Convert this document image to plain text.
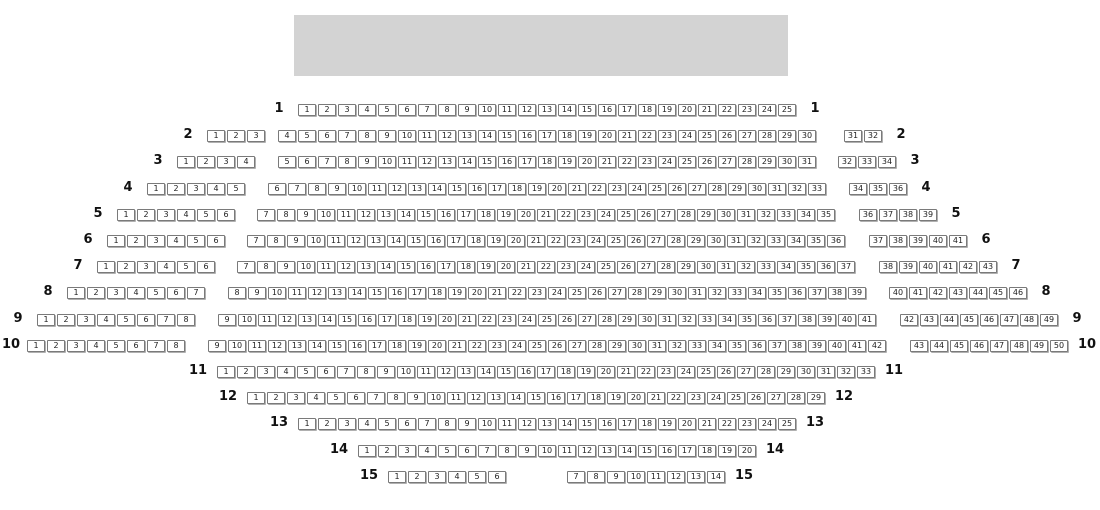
1	2	3	4	5	6	7	8	9	10	11	12	13	14	15	16	17	18	19	20	21	22	23	24	25
1	1
1	2	3	4	5	6	7	8	9	10	11	12	13	14	15	16	17	18	19	20	21	22	23	24	25	26	27	28	29	30	31	32
2	2
1	2	3	4	5	6	7	8	9	10	11	12	13	14	15	16	17	18	19	20	21	22	23	24	25	26	27	28	29	30	31	32	33	34
3	3
1	2	3	4	5	6	7	8	9	10	11	12	13	14	15	16	17	18	19	20	21	22	23	24	25	26	27	28	29	30	31	32	33	34	35	36
4	4
1	2	3	4	5	6	7	8	9	10	11	12	13	14	15	16	17	18	19	20	21	22	23	24	25	26	27	28	29	30	31	32	33	34	35	36	37	38	39
5	5
1	2	3	4	5	6	7	8	9	10	11	12	13	14	15	16	17	18	19	20	21	22	23	24	25	26	27	28	29	30	31	32	33	34	35	36	37	38	39	40	41
6	6
1	2	3	4	5	6	7	8	9	10	11	12	13	14	15	16	17	18	19	20	21	22	23	24	25	26	27	28	29	30	31	32	33	34	35	36	37	38	39	40	41	42	43
7	7
1	2	3	4	5	6	7	8	9	10	11	12	13	14	15	16	17	18	19	20	21	22	23	24	25	26	27	28	29	30	31	32	33	34	35	36	37	38	39	40	41	42	43	44	45	46
8	8
1	2	3	4	5	6	7	8	9	10	11	12	13	14	15	16	17	18	19	20	21	22	23	24	25	26	27	28	29	30	31	32	33	34	35	36	37	38	39	40	41	42	43	44	45	46	47	48	49
9	9
1	2	3	4	5	6	7	8	9	10	11	12	13	14	15	16	17	18	19	20	21	22	23	24	25	26	27	28	29	30	31	32	33	34	35	36	37	38	39	40	41	42	43	44	45	46	47	48	49	50
10	10
1	2	3	4	5	6	7	8	9	10	11	12	13	14	15	16	17	18	19	20	21	22	23	24	25	26	27	28	29	30	31	32	33
11	11
1	2	3	4	5	6	7	8	9	10	11	12	13	14	15	16	17	18	19	20	21	22	23	24	25	26	27	28	29
12	12
1	2	3	4	5	6	7	8	9	10	11	12	13	14	15	16	17	18	19	20	21	22	23	24	25
13	13
1	2	3	4	5	6	7	8	9	10	11	12	13	14	15	16	17	18	19	20
14	14
1	2	3	4	5	6	7	8	9	10	11	12	13	14
15	15
